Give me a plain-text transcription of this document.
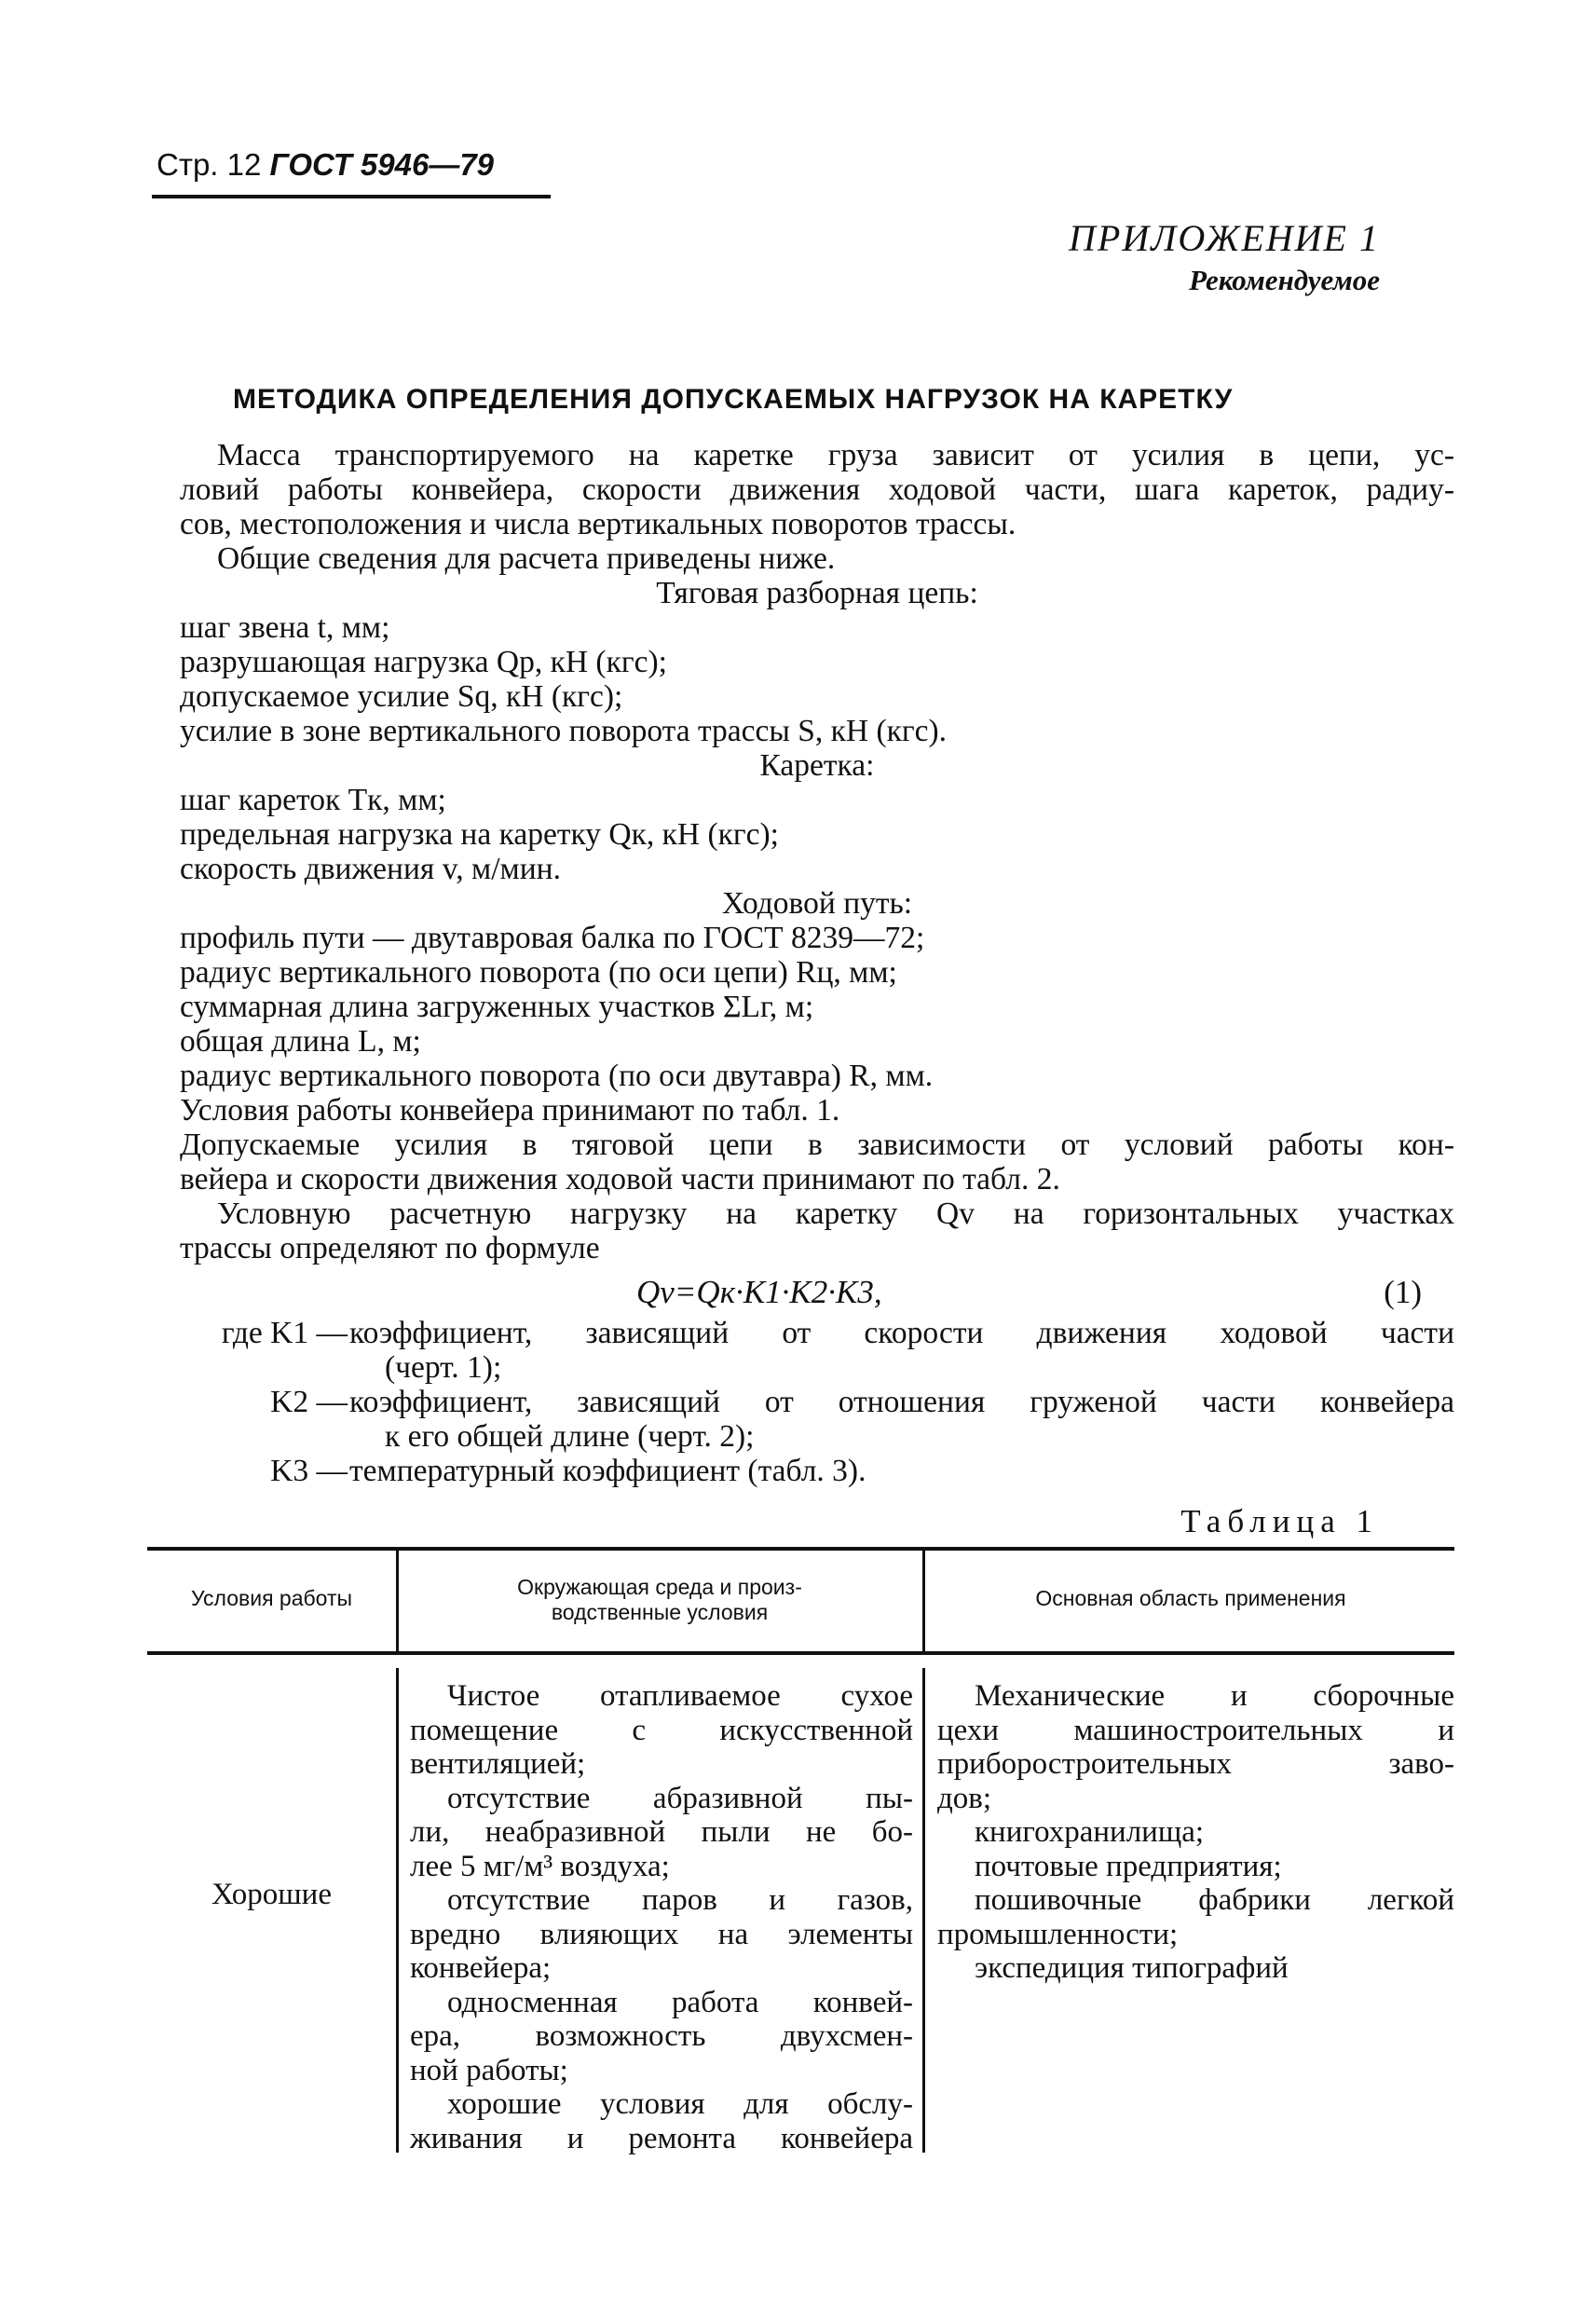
Стр. 12 ГОСТ 5946—79
ПРИЛОЖЕНИЕ 1
Рекомендуемое
МЕТОДИКА ОПРЕДЕЛЕНИЯ ДОПУСКАЕМЫХ НАГРУЗОК НА КАРЕТКУ

Масса транспортируемого на каретке груза зависит от усилия в цепи, ус-

ловий работы конвейера, скорости движения ходовой части, шага кареток, радиу-

сов, местоположения и числа вертикальных поворотов трассы.

Общие сведения для расчета приведены ниже.

Тяговая разборная цепь:

шаг звена t, мм;

разрушающая нагрузка Qр, кН (кгс);

допускаемое усилие Sq, кН (кгс);

усилие в зоне вертикального поворота трассы S, кН (кгс).

Каретка:

шаг кареток Tк, мм;

предельная нагрузка на каретку Qк, кН (кгс);

скорость движения v, м/мин.

Ходовой путь:

профиль пути — двутавровая балка по ГОСТ 8239—72;

радиус вертикального поворота (по оси цепи) Rц, мм;

суммарная длина загруженных участков ΣLг, м;

общая длина L, м;

радиус вертикального поворота (по оси двутавра) R, мм.

Условия работы конвейера принимают по табл. 1.

Допускаемые усилия в тяговой цепи в зависимости от условий работы кон-

вейера и скорости движения ходовой части принимают по табл. 2.

Условную расчетную нагрузку на каретку Qv на горизонтальных участках

трассы определяют по формуле

Qv=Qк·K1·K2·K3,	(1)
где K1 — коэффициент, зависящий от скорости движения ходовой части

(черт. 1);

K2 — коэффициент, зависящий от отношения груженой части конвейера

к его общей длине (черт. 2);

K3 — температурный коэффициент (табл. 3).

Таблица 1
Условия работы	Окружающая среда и произ-
водственные условия
Основная область применения
Хорошие
Чистое отапливаемое сухое
помещение с искусственной
вентиляцией;
отсутствие абразивной пы-
ли, неабразивной пыли не бо-
лее 5 мг/м³ воздуха;
отсутствие паров и газов,
вредно влияющих на элементы
конвейера;
односменная работа конвей-
ера, возможность двухсмен-
ной работы;
хорошие условия для обслу-
живания и ремонта конвейера
Механические и сборочные
цехи машиностроительных и
приборостроительных заво-
дов;
книгохранилища;
почтовые предприятия;
пошивочные фабрики легкой
промышленности;
экспедиция типографий
